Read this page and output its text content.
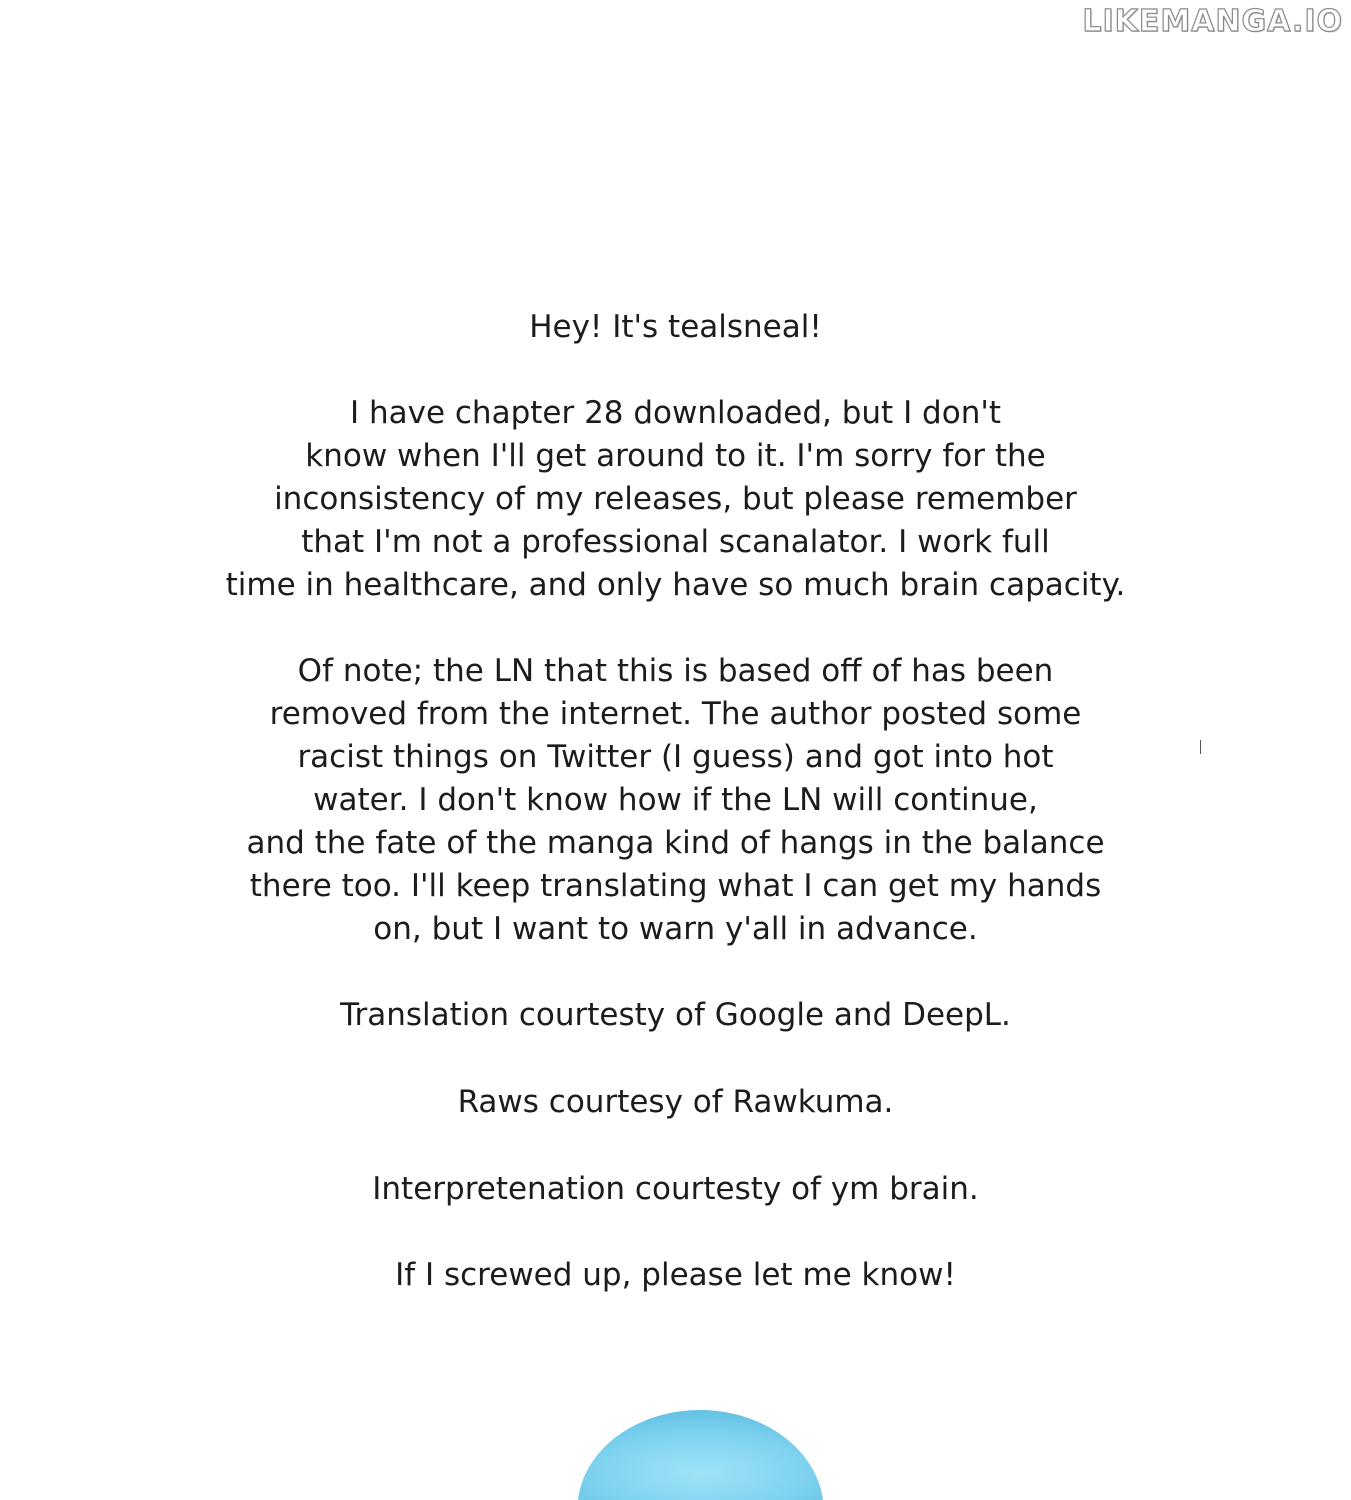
LIKEMANGA.IO

Hey! It's tealsneal!

I have chapter 28 downloaded, but I don't
know when I'll get around to it. I'm sorry for the
inconsistency of my releases, but please remember
that I'm not a professional scanalator. I work full
time in healthcare, and only have so much brain capacity.

Of note; the LN that this is based off of has been
removed from the internet. The author posted some
racist things on Twitter (I guess) and got into hot
water. I don't know how if the LN will continue,
and the fate of the manga kind of hangs in the balance
there too. I'll keep translating what I can get my hands
on, but I want to warn y'all in advance.

Translation courtesty of Google and DeepL.

Raws courtesy of Rawkuma.

Interpretenation courtesty of ym brain.

If I screwed up, please let me know!
